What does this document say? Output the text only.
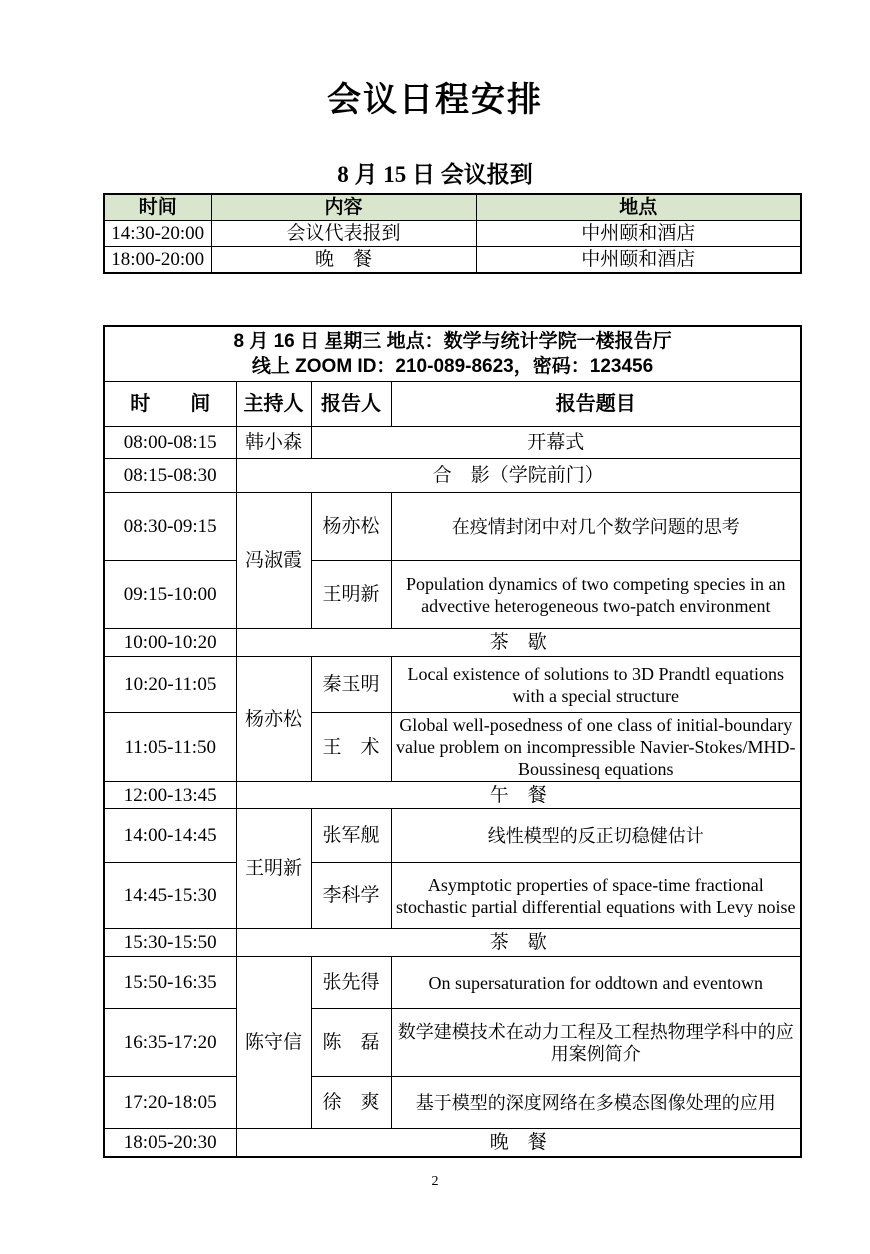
会议日程安排
8 月 15 日 会议报到
时间	内容	地点
14:30-20:00	会议代表报到	中州颐和酒店
18:00-20:00	晚　餐	中州颐和酒店
8 月 16 日 星期三 地点：数学与统计学院一楼报告厅
线上 ZOOM ID：210-089-8623，密码：123456			

时　　间	主持人	报告人	报告题目
08:00-08:15	韩小森	开幕式	
08:15-08:30	合　影（学院前门）		
08:30-09:15	冯淑霞	杨亦松	在疫情封闭中对几个数学问题的思考
09:15-10:00		王明新	Population dynamics of two competing species in an advective heterogeneous two-patch environment
10:00-10:20	茶　歇		
10:20-11:05	杨亦松	秦玉明	Local existence of solutions to 3D Prandtl equations with a special structure
11:05-11:50		王　术	Global well-posedness of one class of initial-boundary value problem on incompressible Navier-Stokes/MHD-Boussinesq equations
12:00-13:45	午　餐		
14:00-14:45	王明新	张军舰	线性模型的反正切稳健估计
14:45-15:30		李科学	Asymptotic properties of space-time fractional stochastic partial differential equations with Levy noise
15:30-15:50	茶　歇		
15:50-16:35	陈守信	张先得	On supersaturation for oddtown and eventown
16:35-17:20		陈　磊	数学建模技术在动力工程及工程热物理学科中的应用案例简介
17:20-18:05		徐　爽	基于模型的深度网络在多模态图像处理的应用
18:05-20:30	晚　餐		
2
